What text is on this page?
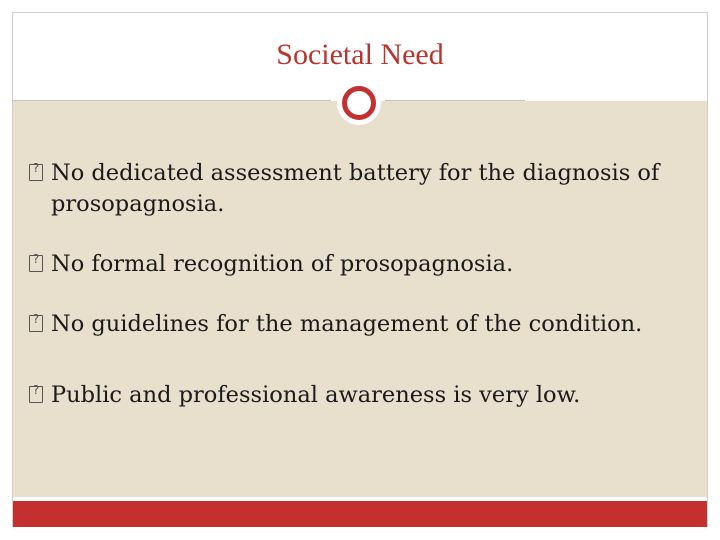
Societal Need
?
No dedicated assessment battery for the diagnosis of prosopagnosia.
?
No formal recognition of prosopagnosia.
?
No guidelines for the management of the condition.
?
Public and professional awareness is very low.
